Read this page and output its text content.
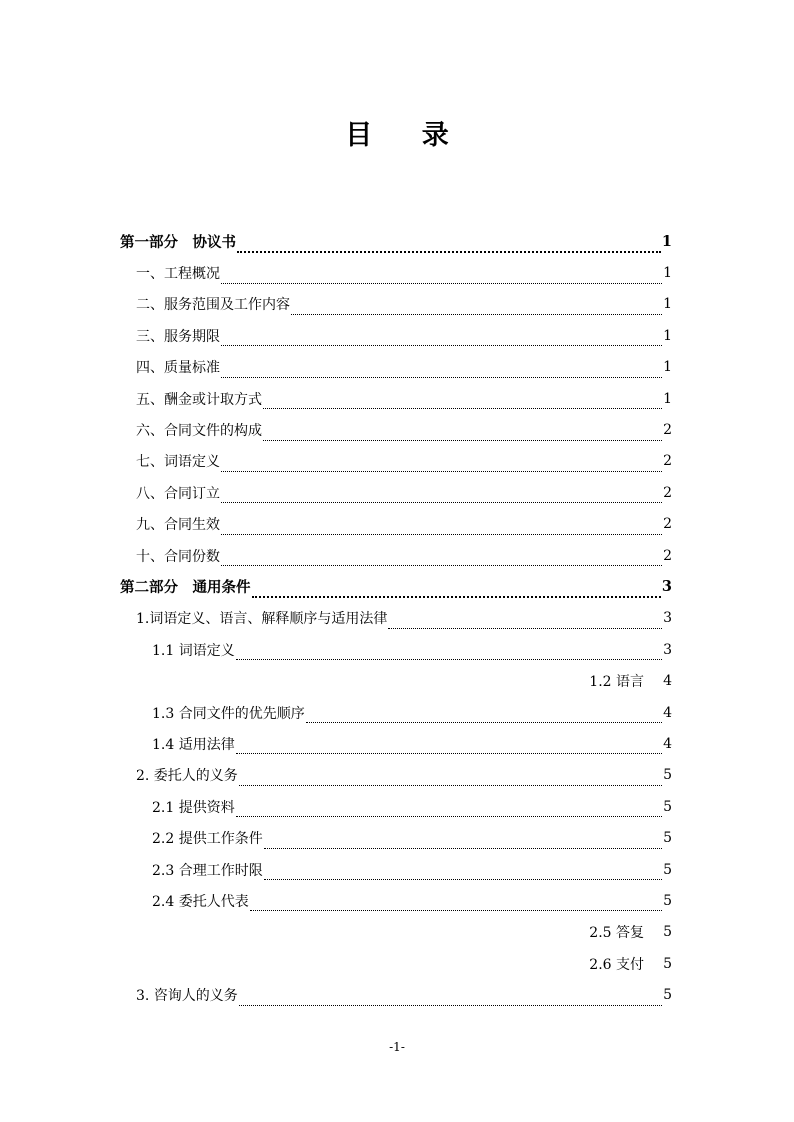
目 录
第一部分　协议书	1
一、工程概况	1
二、服务范围及工作内容	1
三、服务期限	1
四、质量标准	1
五、酬金或计取方式	1
六、合同文件的构成	2
七、词语定义	2
八、合同订立	2
九、合同生效	2
十、合同份数	2
第二部分　通用条件	3
1.词语定义、语言、解释顺序与适用法律	3
1.1 词语定义	3
1.2 语言	4
1.3 合同文件的优先顺序	4
1.4 适用法律	4
2. 委托人的义务	5
2.1 提供资料	5
2.2 提供工作条件	5
2.3 合理工作时限	5
2.4 委托人代表	5
2.5 答复	5
2.6 支付	5
3. 咨询人的义务	5
-1-
